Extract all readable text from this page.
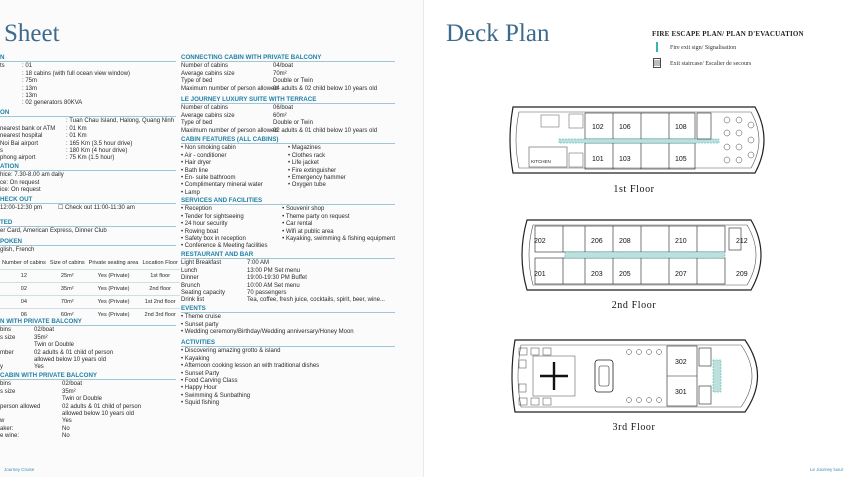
Sheet
N
ts	: 01
: 18 cabins (with full ocean view window)
: 75m
: 13m
: 13m
: 02 generators 80KVA
ON
: Tuan Chau Island, Halong, Quang Ninh
nearest bank or ATM	: 01 Km
nearest hospital	: 01 Km
Noi Bai airport	: 165 Km (3.5 hour drive)
s	: 180 Km (4 hour drive)
phong airport	: 75 Km (1.5 hour)
ATION
hice: 7.30-8.00 am daily
ce: On request
ice: On request
HECK OUT
12:00-12:30 pm	☐ Check out 11:00-11:30 am
TED
er Card, American Express, Dinner Club
POKEN
glish, French
Number of cabins	Size of cabins	Private seating area	Location Floor
12	25m²	Yes (Private)	1st floor
02	35m²	Yes (Private)	2nd floor
04	70m²	Yes (Private)	1st 2nd floor
06	60m²	Yes (Private)	2nd 3rd floor
N WITH PRIVATE BALCONY
bins	02/boat
s size	35m²
Twin or Double
mber	02 adults & 01 child of person
allowed below 10 years old
y	Yes
CABIN WITH PRIVATE BALCONY
bins	02/boat
s size	35m²
Twin or Double
person allowed	02 adults & 01 child of person
allowed below 10 years old
w	Yes
aker:	No
e wine:	No
CONNECTING CABIN WITH PRIVATE BALCONY
Number of cabins	04/boat
Average cabins size	70m²
Type of bed	Double or Twin
Maximum number of person allowed
04 adults & 02 child below 10 years old
LE JOURNEY LUXURY SUITE WITH TERRACE
Number of cabins	06/boat
Average cabins size	60m²
Type of bed	Double or Twin
Maximum number of person allowed
02 adults & 01 child below 10 years old
CABIN FEATURES (ALL CABINS)
• Non smoking cabin
• Air - conditioner
• Hair dryer
• Bath line
• En- suite bathroom
• Complimentary mineral water
• Lamp
• Magazines
• Clothes rack
• Life jacket
• Fire extinguisher
• Emergency hammer
• Oxygen tube
SERVICES AND FACILITIES
• Reception
• Tender for sightseeing
• 24 hour security
• Rowing boat
• Safety box in reception
• Conference & Meeting facilities
• Souvenir shop
• Theme party on request
• Car rental
• Wifi at public area
• Kayaking, swimming & fishing equipment
RESTAURANT AND BAR
Light Breakfast	7:00 AM
Lunch	13:00 PM Set menu
Dinner	19:00-19:30 PM Buffet
Brunch	10:00 AM Set menu
Seating capacity	70 passengers
Drink list	Tea, coffee, fresh juice, cocktails, spirit, beer, wine...
EVENTS
• Theme cruise
• Sunset party
• Wedding ceremony/Birthday/Wedding anniversary/Honey Moon
ACTIVITIES
• Discovering amazing grotto & island
• Kayaking
• Afternoon cooking lesson an with traditional dishes
• Sunset Party
• Food Carving Class
• Happy Hour
• Swimming & Sunbathing
• Squid fishing
Journey Cruise
Deck Plan
Le Journey luxur
FIRE ESCAPE PLAN/ PLAN D'EVACUATION
Fire exit sign/ Signalisation
Exit staircase/ Escalier de secours
KITCHEN
102 106	108
101 103	105
1st Floor
202	206 208	210	212
201	203 205	207	209
2nd Floor
302
301
3rd Floor
